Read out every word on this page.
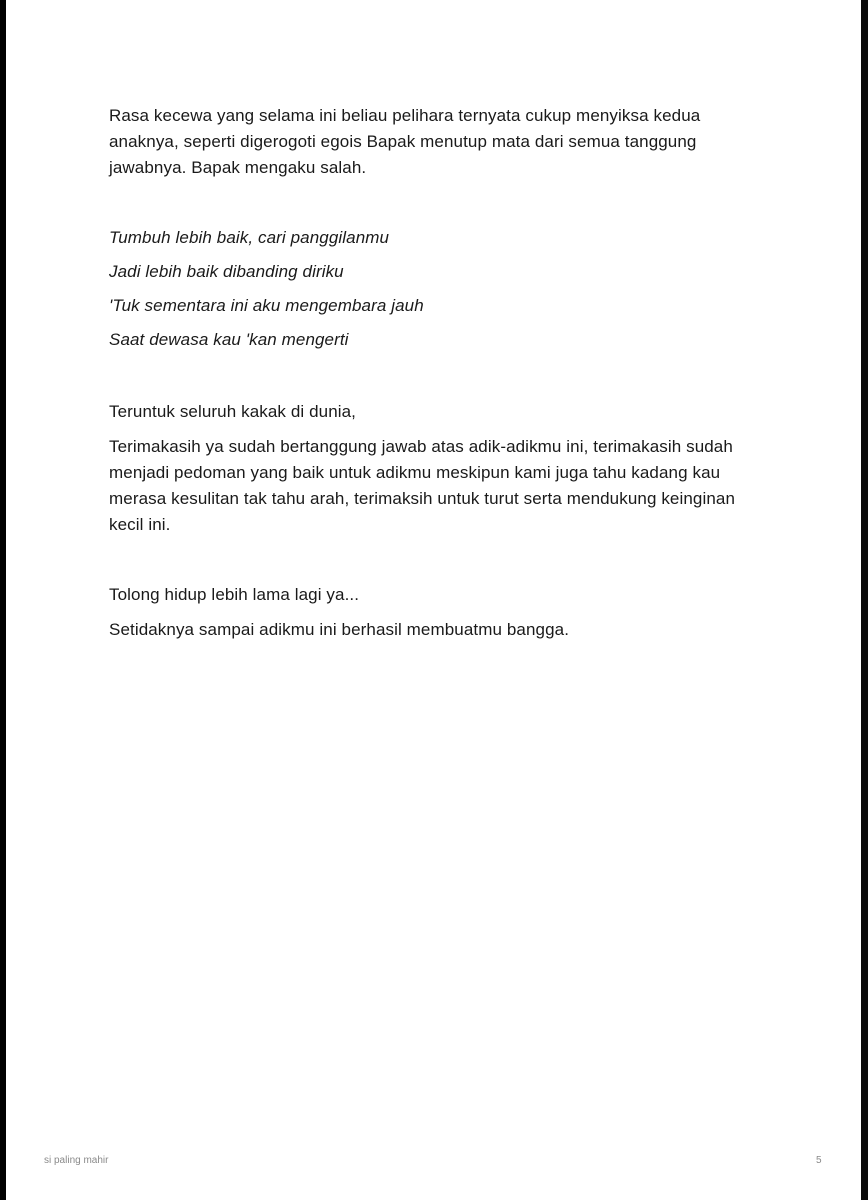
Rasa kecewa yang selama ini beliau pelihara ternyata cukup menyiksa kedua anaknya, seperti digerogoti egois Bapak menutup mata dari semua tanggung jawabnya. Bapak mengaku salah.

Tumbuh lebih baik, cari panggilanmu

Jadi lebih baik dibanding diriku

'Tuk sementara ini aku mengembara jauh

Saat dewasa kau 'kan mengerti

Teruntuk seluruh kakak di dunia,

Terimakasih ya sudah bertanggung jawab atas adik-adikmu ini, terimakasih sudah menjadi pedoman yang baik untuk adikmu meskipun kami juga tahu kadang kau merasa kesulitan tak tahu arah, terimaksih untuk turut serta mendukung keinginan kecil ini.

Tolong hidup lebih lama lagi ya...

Setidaknya sampai adikmu ini berhasil membuatmu bangga.

si paling mahir	5
